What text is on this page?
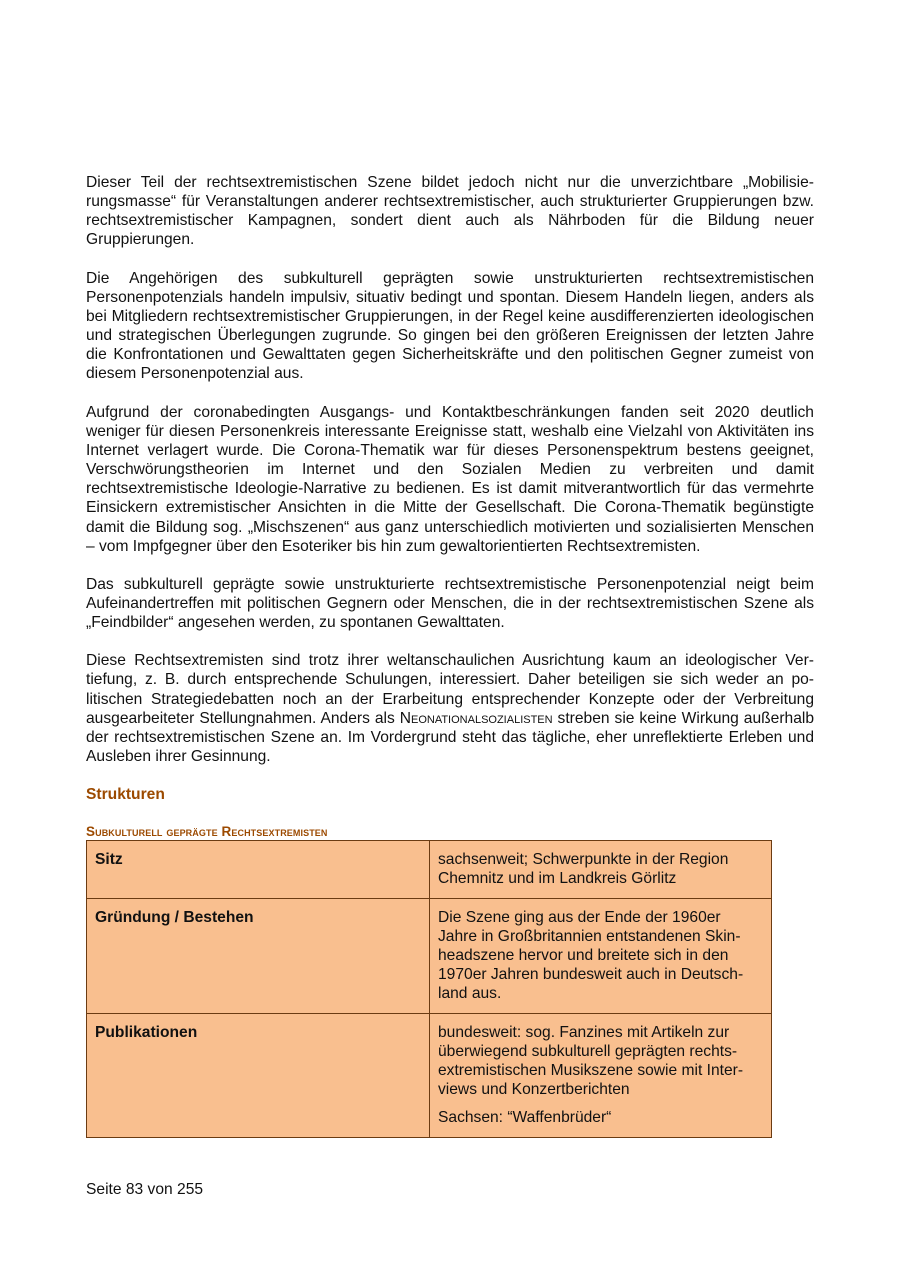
Dieser Teil der rechtsextremistischen Szene bildet jedoch nicht nur die unverzichtbare „Mobilisierungsmasse“ für Veranstaltungen anderer rechtsextremistischer, auch strukturierter Gruppierungen bzw. rechtsextremistischer Kampagnen, sondert dient auch als Nährboden für die Bildung neuer Gruppierungen.

Die Angehörigen des subkulturell geprägten sowie unstrukturierten rechtsextremistischen Personenpotenzials handeln impulsiv, situativ bedingt und spontan. Diesem Handeln liegen, anders als bei Mitgliedern rechtsextremistischer Gruppierungen, in der Regel keine ausdifferenzierten ideologischen und strategischen Überlegungen zugrunde. So gingen bei den größeren Ereignissen der letzten Jahre die Konfrontationen und Gewalttaten gegen Sicherheitskräfte und den politischen Gegner zumeist von diesem Personenpotenzial aus.

Aufgrund der coronabedingten Ausgangs- und Kontaktbeschränkungen fanden seit 2020 deutlich weniger für diesen Personenkreis interessante Ereignisse statt, weshalb eine Vielzahl von Aktivitäten ins Internet verlagert wurde. Die Corona-Thematik war für dieses Personenspektrum bestens geeignet, Verschwörungstheorien im Internet und den Sozialen Medien zu verbreiten und damit rechtsextremistische Ideologie-Narrative zu bedienen. Es ist damit mitverantwortlich für das vermehrte Einsickern extremistischer Ansichten in die Mitte der Gesellschaft. Die Corona-Thematik begünstigte damit die Bildung sog. „Mischszenen“ aus ganz unterschiedlich motivierten und sozialisierten Menschen – vom Impfgegner über den Esoteriker bis hin zum gewaltorientierten Rechtsextremisten.

Das subkulturell geprägte sowie unstrukturierte rechtsextremistische Personenpotenzial neigt beim Aufeinandertreffen mit politischen Gegnern oder Menschen, die in der rechtsextremistischen Szene als „Feindbilder“ angesehen werden, zu spontanen Gewalttaten.

Diese Rechtsextremisten sind trotz ihrer weltanschaulichen Ausrichtung kaum an ideologischer Vertiefung, z. B. durch entsprechende Schulungen, interessiert. Daher beteiligen sie sich weder an politischen Strategiedebatten noch an der Erarbeitung entsprechender Konzepte oder der Verbreitung ausgearbeiteter Stellungnahmen. Anders als Neonationalsozialisten streben sie keine Wirkung außerhalb der rechtsextremistischen Szene an. Im Vordergrund steht das tägliche, eher unreflektierte Erleben und Ausleben ihrer Gesinnung.

Strukturen
Subkulturell geprägte Rechtsextremisten
Sitz	sachsenweit; Schwerpunkte in der Region Chemnitz und im Landkreis Görlitz

Gründung / Bestehen	Die Szene ging aus der Ende der 1960er Jahre in Großbritannien entstandenen Skinheadszene hervor und breitete sich in den 1970er Jahren bundesweit auch in Deutschland aus.

Publikationen	bundesweit: sog. Fanzines mit Artikeln zur überwiegend subkulturell geprägten rechtsextremistischen Musikszene sowie mit Interviews und Konzertberichten

Sachsen: “Waffenbrüder“

Seite 83 von 255
